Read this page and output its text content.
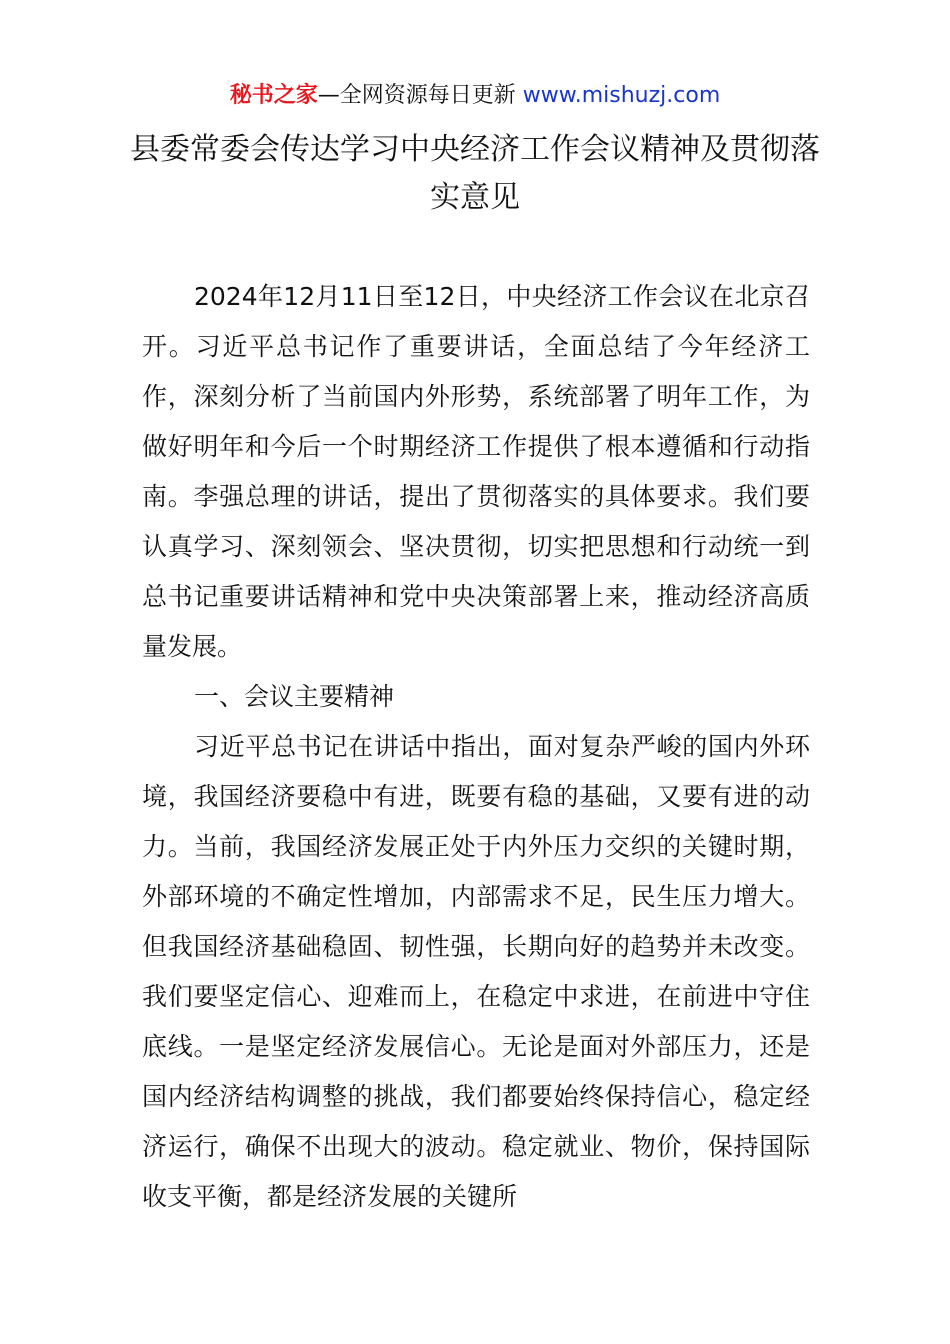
秘书之家—全网资源每日更新 www.mishuzj.com
县委常委会传达学习中央经济工作会议精神及贯彻落实意见

2024年12月11日至12日，中央经济工作会议在北京召开。习近平总书记作了重要讲话，全面总结了今年经济工作，深刻分析了当前国内外形势，系统部署了明年工作，为做好明年和今后一个时期经济工作提供了根本遵循和行动指南。李强总理的讲话，提出了贯彻落实的具体要求。我们要认真学习、深刻领会、坚决贯彻，切实把思想和行动统一到总书记重要讲话精神和党中央决策部署上来，推动经济高质量发展。

一、会议主要精神

习近平总书记在讲话中指出，面对复杂严峻的国内外环境，我国经济要稳中有进，既要有稳的基础，又要有进的动力。当前，我国经济发展正处于内外压力交织的关键时期，外部环境的不确定性增加，内部需求不足，民生压力增大。但我国经济基础稳固、韧性强，长期向好的趋势并未改变。我们要坚定信心、迎难而上，在稳定中求进，在前进中守住底线。一是坚定经济发展信心。无论是面对外部压力，还是国内经济结构调整的挑战，我们都要始终保持信心，稳定经济运行，确保不出现大的波动。稳定就业、物价，保持国际收支平衡，都是经济发展的关键所
